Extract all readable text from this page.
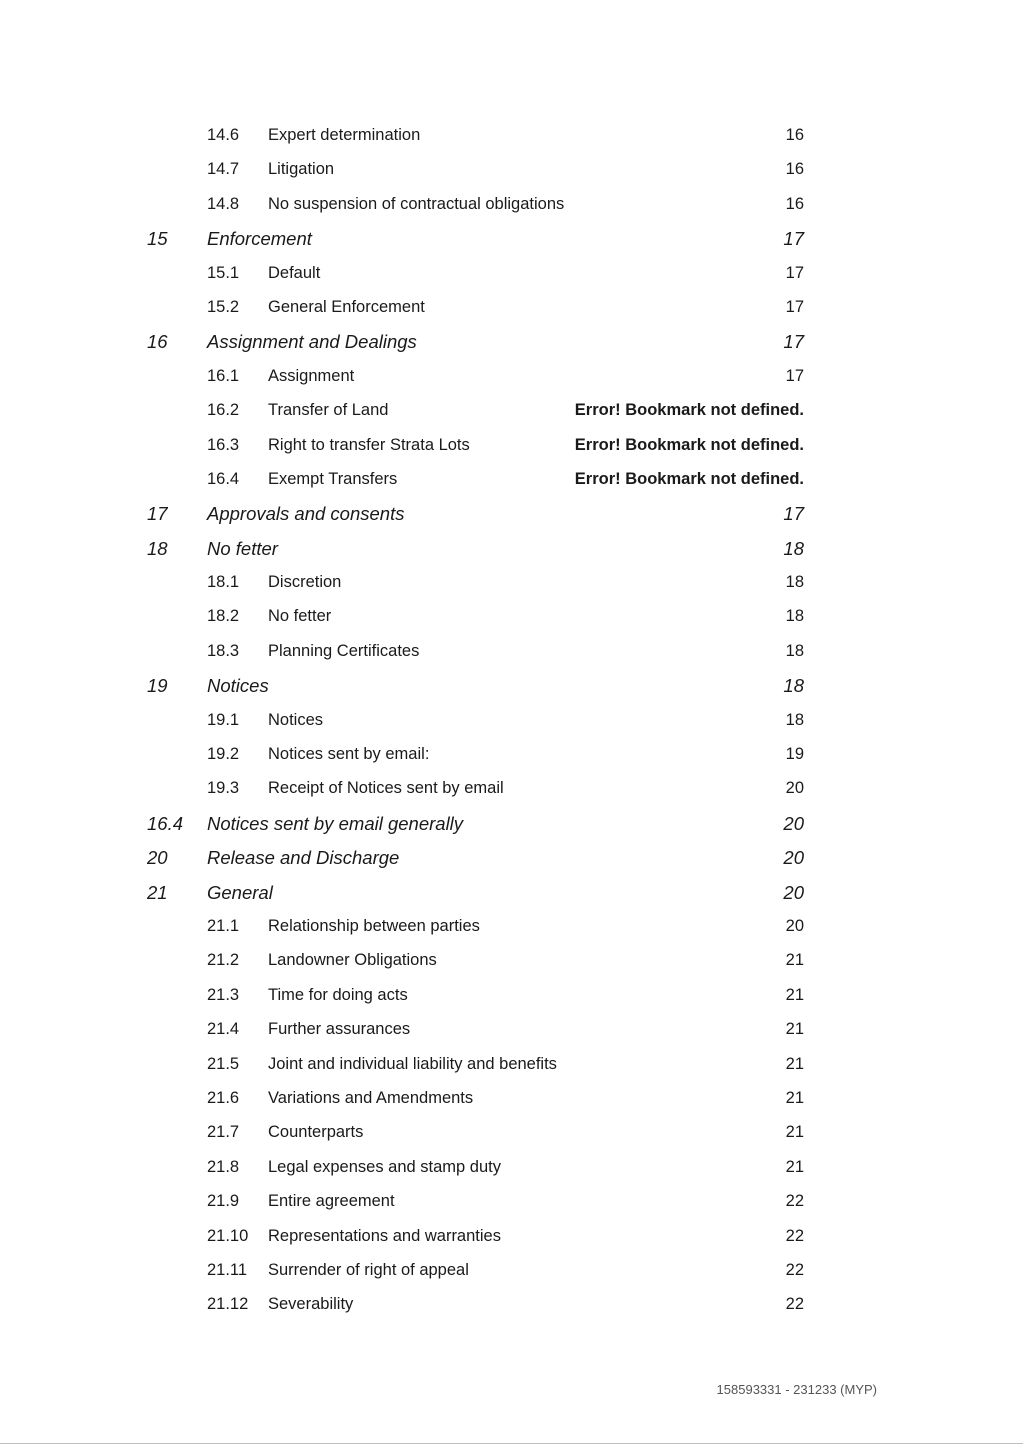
14.6 Expert determination	16
14.7 Litigation	16
14.8 No suspension of contractual obligations	16
15 Enforcement	17
15.1 Default	17
15.2 General Enforcement	17
16 Assignment and Dealings	17
16.1 Assignment	17
16.2 Transfer of Land	Error! Bookmark not defined.
16.3 Right to transfer Strata Lots	Error! Bookmark not defined.
16.4 Exempt Transfers	Error! Bookmark not defined.
17 Approvals and consents	17
18 No fetter	18
18.1 Discretion	18
18.2 No fetter	18
18.3 Planning Certificates	18
19 Notices	18
19.1 Notices	18
19.2 Notices sent by email:	19
19.3 Receipt of Notices sent by email	20
16.4 Notices sent by email generally	20
20 Release and Discharge	20
21 General	20
21.1 Relationship between parties	20
21.2 Landowner Obligations	21
21.3 Time for doing acts	21
21.4 Further assurances	21
21.5 Joint and individual liability and benefits	21
21.6 Variations and Amendments	21
21.7 Counterparts	21
21.8 Legal expenses and stamp duty	21
21.9 Entire agreement	22
21.10 Representations and warranties	22
21.11 Surrender of right of appeal	22
21.12 Severability	22
158593331 - 231233 (MYP)
